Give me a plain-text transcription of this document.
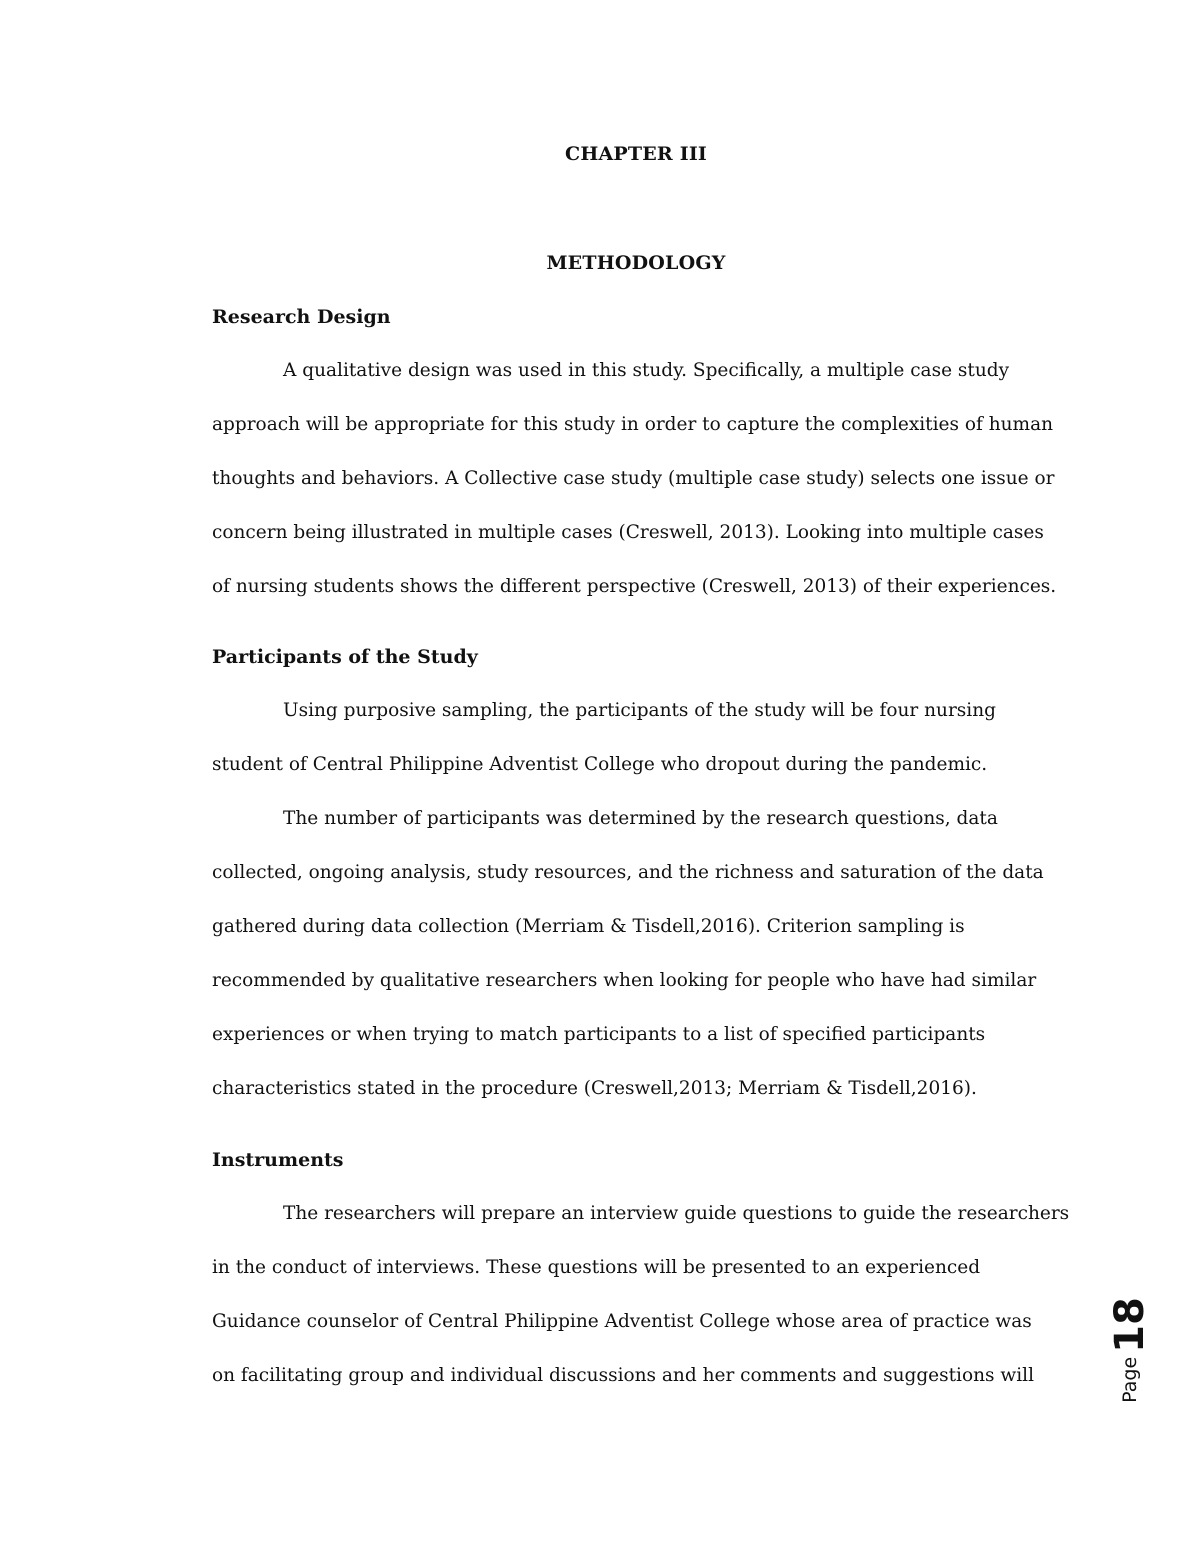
CHAPTER III
METHODOLOGY
Research Design
A qualitative design was used in this study. Specifically, a multiple case study
approach will be appropriate for this study in order to capture the complexities of human
thoughts and behaviors. A Collective case study (multiple case study) selects one issue or
concern being illustrated in multiple cases (Creswell, 2013). Looking into multiple cases
of nursing students shows the different perspective (Creswell, 2013) of their experiences.
Participants of the Study
Using purposive sampling, the participants of the study will be four nursing
student of Central Philippine Adventist College who dropout during the pandemic.
The number of participants was determined by the research questions, data
collected, ongoing analysis, study resources, and the richness and saturation of the data
gathered during data collection (Merriam & Tisdell,2016). Criterion sampling is
recommended by qualitative researchers when looking for people who have had similar
experiences or when trying to match participants to a list of specified participants
characteristics stated in the procedure (Creswell,2013; Merriam & Tisdell,2016).
Instruments
The researchers will prepare an interview guide questions to guide the researchers
in the conduct of interviews. These questions will be presented to an experienced
Guidance counselor of Central Philippine Adventist College whose area of practice was
on facilitating group and individual discussions and her comments and suggestions will	Page18
